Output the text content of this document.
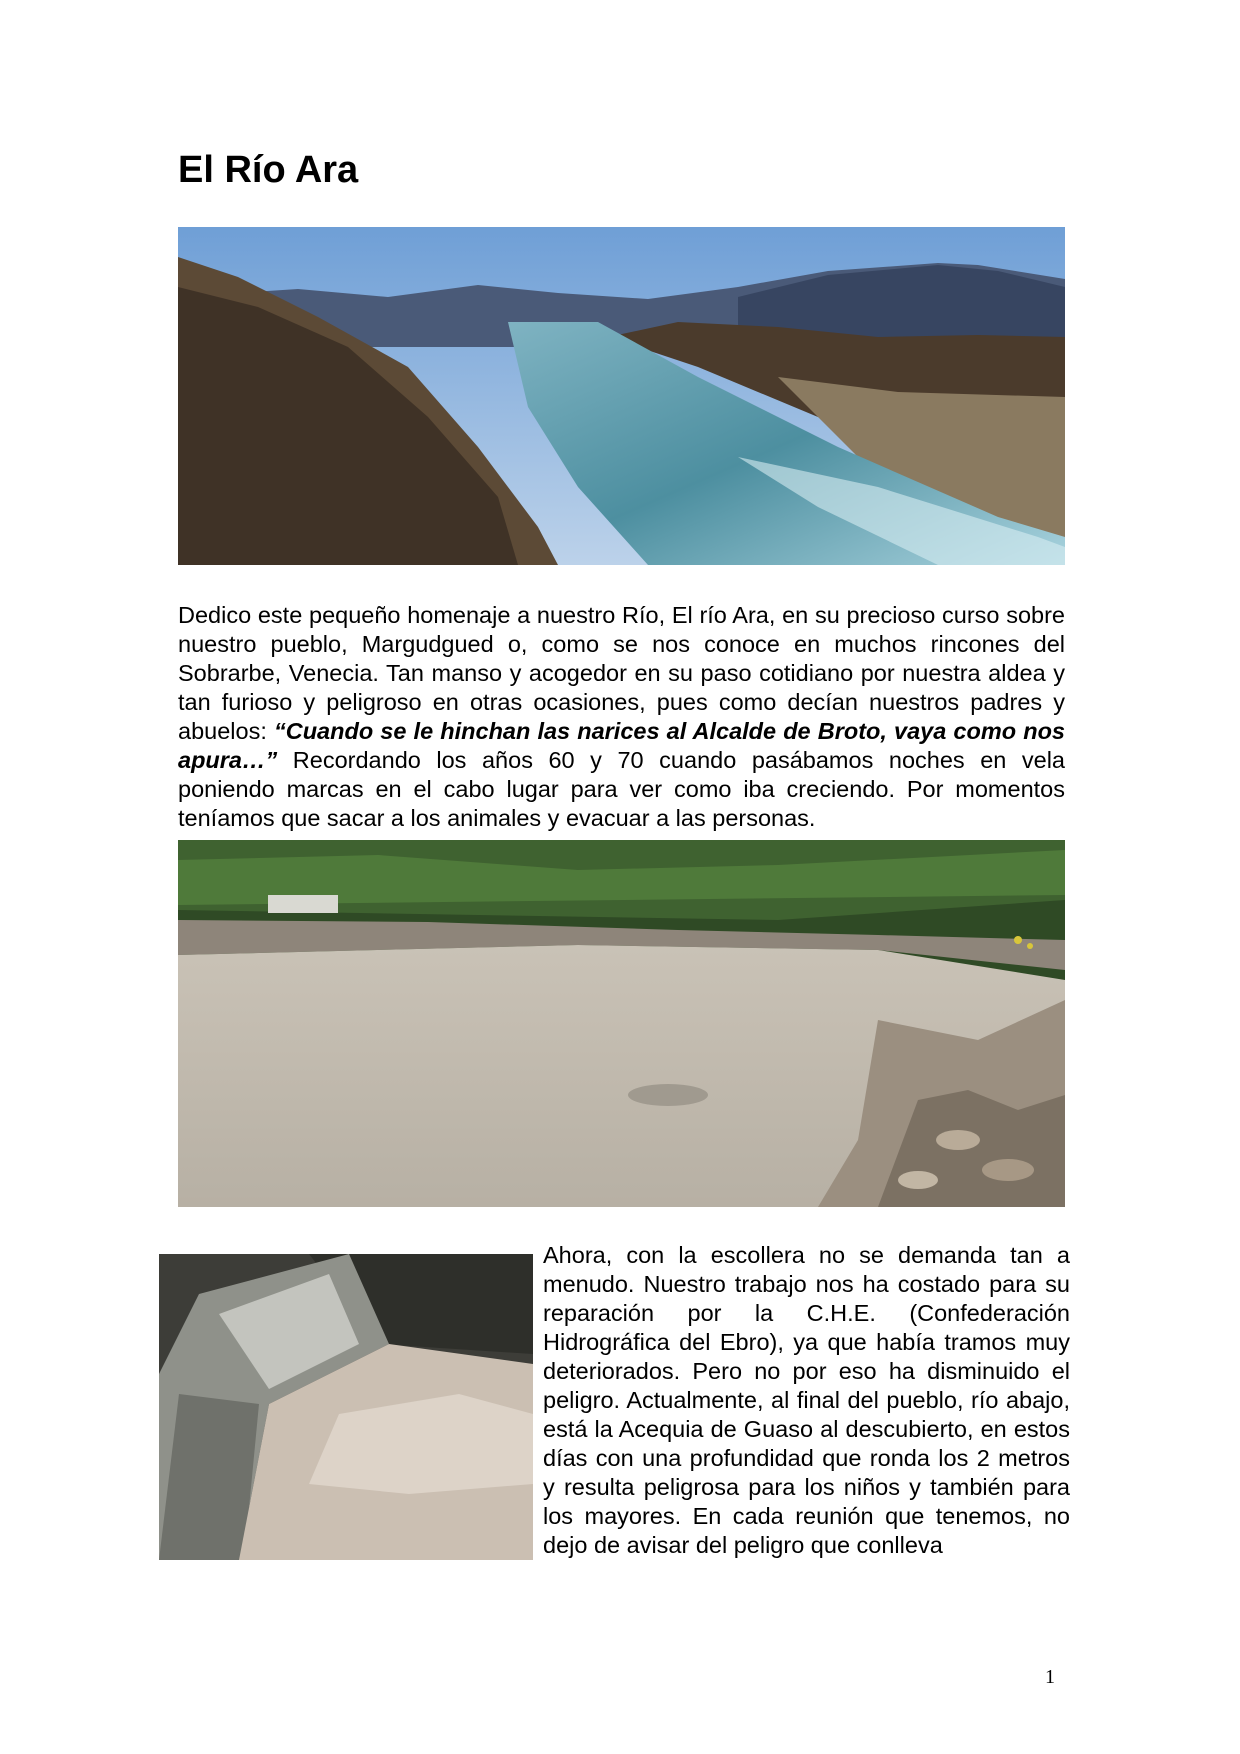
El Río Ara

Dedico este pequeño homenaje a nuestro Río, El río Ara, en su precioso curso sobre nuestro pueblo, Margudgued o, como se nos conoce en muchos rincones del Sobrarbe, Venecia. Tan manso y acogedor en su paso cotidiano por nuestra aldea y tan furioso y peligroso en otras ocasiones, pues como decían nuestros padres y abuelos: “Cuando se le hinchan las narices al Alcalde de Broto, vaya como nos apura…” Recordando los años 60 y 70 cuando pasábamos noches en vela poniendo marcas en el cabo lugar para ver como iba creciendo. Por momentos teníamos que sacar a los animales y evacuar a las personas.

Ahora, con la escollera no se demanda tan a menudo. Nuestro trabajo nos ha costado para su reparación por la C.H.E. (Confederación Hidrográfica del Ebro), ya que había tramos muy deteriorados. Pero no por eso ha disminuido el peligro. Actualmente, al final del pueblo, río abajo, está la Acequia de Guaso al descubierto, en estos días con una profundidad que ronda los 2 metros y resulta peligrosa para los niños y también para los mayores. En cada reunión que tenemos, no dejo de avisar del peligro que conlleva

1
